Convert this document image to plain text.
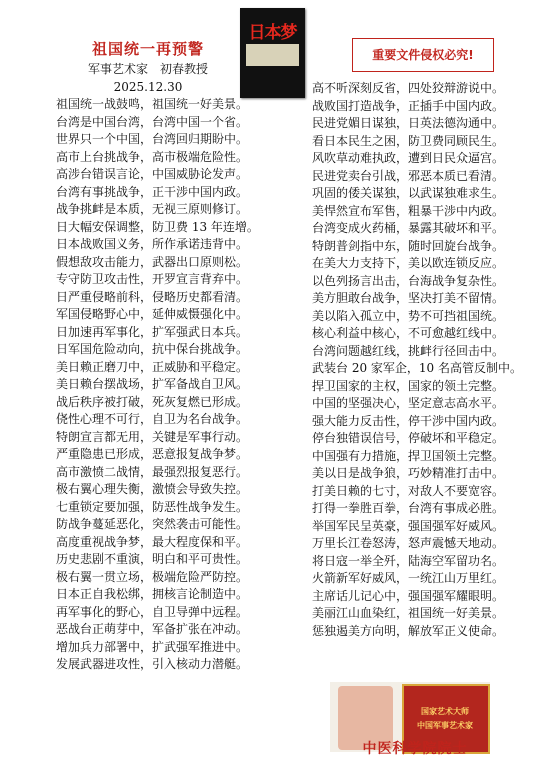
祖国统一再预警
军事艺术家　初春教授
2025.12.30
日本梦
重要文件侵权必究!
祖国统一战鼓鸣，祖国统一好美景。
台湾是中国台湾，台湾中国一个省。
世界只一个中国，台湾回归期盼中。
高市上台挑战争，高市极端危险性。
高涉台错误言论，中国威胁论发声。
台湾有事挑战争，正干涉中国内政。
战争挑衅是本质，无视三原则修订。
日大幅安保调整，防卫费 13 年连增。
日本战败国义务，所作承诺违背中。
假想敌攻击能力，武器出口原则松。
专守防卫攻击性，开罗宣言背弃中。
日严重侵略前科，侵略历史都看清。
军国侵略野心中，延伸威慑强化中。
日加速再军事化，扩军强武日本兵。
日军国危险动向，抗中保台挑战争。
美日赖正磨刀中，正威胁和平稳定。
美日赖台摆战场，扩军备战自卫风。
战后秩序被打破，死灰复燃已形成。
侥性心理不可行，自卫为名台战争。
特朗宣言都无用，关键是军事行动。
严重隐患已形成，恶意报复战争梦。
高市激愤二战情，最强烈报复恶行。
极右翼心理失衡，激愤会导致失控。
七重锁定要加强，防恶性战争发生。
防战争蔓延恶化，突然袭击可能性。
高度重视战争梦，最大程度保和平。
历史悲剧不重演，明白和平可贵性。
极右翼一贯立场，极端危险严防控。
日本正自我松绑，拥核言论制造中。
再军事化的野心，自卫导弹中远程。
恶战台正萌芽中，军备扩张在冲动。
增加兵力部署中，扩武强军推进中。
发展武器进攻性，引入核动力潜艇。
高不听深刻反省，四处狡辩游说中。
战败国打造战争，正插手中国内政。
民进党媚日谋独，日英法德沟通中。
看日本民生之困，防卫费同顾民生。
风吹草动难执政，遭到日民众逼宫。
民进党卖台引战，邪恶本质已看清。
巩固的倭关谋独，以武谋独难求生。
美悍然宣布军售，粗暴干涉中内政。
台湾变成火药桶，暴露其破坏和平。
特朗普剑指中东，随时回旋台战争。
在美大力支持下，美以欧连锁反应。
以色列扬言出击，台海战争复杂性。
美方胆敢台战争，坚决打美不留情。
美以陷入孤立中，势不可挡祖国统。
核心利益中核心，不可愈越红线中。
台湾问题越红线，挑衅行径回击中。
武装台 20 家军企，10 名高管反制中。
捍卫国家的主权，国家的领土完整。
中国的坚强决心，坚定意志高水平。
强大能力反击性，停干涉中国内政。
停台独错误信号，停破坏和平稳定。
中国强有力措施，捍卫国领土完整。
美以日是战争狼，巧妙精准打击中。
打美日赖的七寸，对敌人不要宽容。
打得一拳胜百拳，台湾有事成必胜。
举国军民呈英豪，强国强军好威风。
万里长江卷怒涛，怒声震憾天地动。
将日寇一举全歼，陆海空军留功名。
火箭新军好威风，一统江山万里红。
主席话儿记心中，强国强军耀眼明。
美丽江山血染红，祖国统一好美景。
惩独遏美方向明，解放军正义使命。
国家艺术大师
中国军事艺术家
中医科学院院士
